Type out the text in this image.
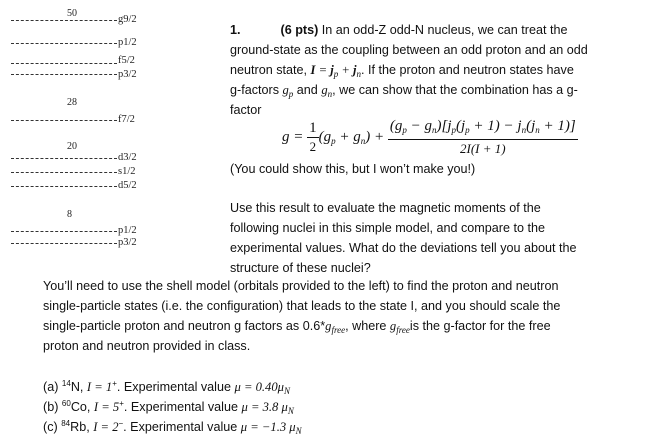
50
g9/2
p1/2
f5/2
p3/2
28
f7/2
20
d3/2
s1/2
d5/2
8
p1/2
p3/2
1.	(6 pts) In an odd-Z odd-N nucleus, we can treat the
ground-state as the coupling between an odd proton and an odd
neutron state, $I = j_p + j_n$. If the proton and neutron states have
g-factors $g_p$ and $g_n$, we can show that the combination has a g-
factor
$g = \frac{1}{2} (g_p + g_n) + \frac{(g_p - g_n)[j_p(j_p + 1) - j_n(j_n + 1)]}{2I(I + 1)}$
(You could show this, but I won’t make you!)
Use this result to evaluate the magnetic moments of the
following nuclei in this simple model, and compare to the
experimental values. What do the deviations tell you about the
structure of these nuclei?
You’ll need to use the shell model (orbitals provided to the left) to find the proton and neutron
single-particle states (i.e. the configuration) that leads to the state I, and you should scale the
single-particle proton and neutron g factors as $0.6*g_{free}$, where $g_{free}is$ the g-factor for the free
proton and neutron provided in class.
(a) $^{14}$N, I = 1+. Experimental value $\mu = 0.40\mu_N$
(b) $^{60}$Co, I = 5+. Experimental value μ = 3.8 $\mu_N$
(c) $^{84}$Rb, I = 2−. Experimental value μ = −1.3 $\mu_N$
